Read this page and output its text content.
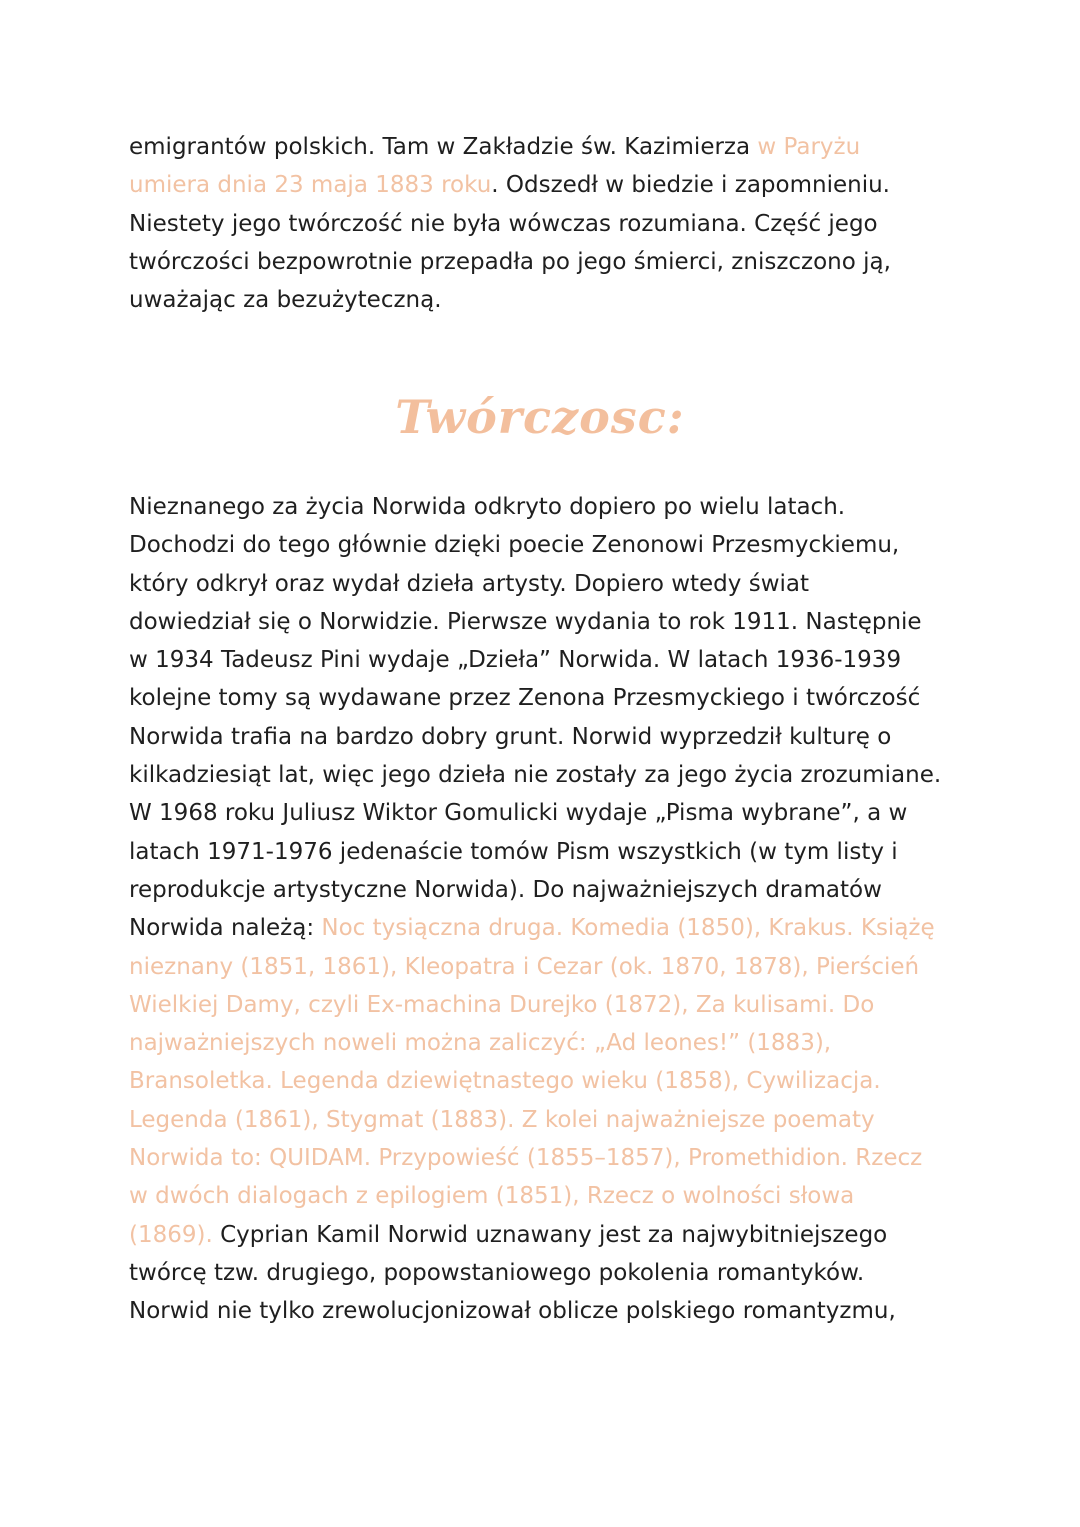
emigrantów polskich. Tam w Zakładzie św. Kazimierza w Paryżu
umiera dnia 23 maja 1883 roku. Odszedł w biedzie i zapomnieniu.
Niestety jego twórczość nie była wówczas rozumiana. Część jego
twórczości bezpowrotnie przepadła po jego śmierci, zniszczono ją,
uważając za bezużyteczną.

Twórczosc:

Nieznanego za życia Norwida odkryto dopiero po wielu latach.
Dochodzi do tego głównie dzięki poecie Zenonowi Przesmyckiemu,
który odkrył oraz wydał dzieła artysty. Dopiero wtedy świat
dowiedział się o Norwidzie. Pierwsze wydania to rok 1911. Następnie
w 1934 Tadeusz Pini wydaje „Dzieła” Norwida. W latach 1936-1939
kolejne tomy są wydawane przez Zenona Przesmyckiego i twórczość
Norwida trafia na bardzo dobry grunt. Norwid wyprzedził kulturę o
kilkadziesiąt lat, więc jego dzieła nie zostały za jego życia zrozumiane.
W 1968 roku Juliusz Wiktor Gomulicki wydaje „Pisma wybrane”, a w
latach 1971-1976 jedenaście tomów Pism wszystkich (w tym listy i
reprodukcje artystyczne Norwida). Do najważniejszych dramatów
Norwida należą: Noc tysiączna druga. Komedia (1850), Krakus. Książę
nieznany (1851, 1861), Kleopatra i Cezar (ok. 1870, 1878), Pierścień
Wielkiej Damy, czyli Ex-machina Durejko (1872), Za kulisami. Do
najważniejszych noweli można zaliczyć: „Ad leones!” (1883),
Bransoletka. Legenda dziewiętnastego wieku (1858), Cywilizacja.
Legenda (1861), Stygmat (1883). Z kolei najważniejsze poematy
Norwida to: QUIDAM. Przypowieść (1855–1857), Promethidion. Rzecz
w dwóch dialogach z epilogiem (1851), Rzecz o wolności słowa
(1869). Cyprian Kamil Norwid uznawany jest za najwybitniejszego
twórcę tzw. drugiego, popowstaniowego pokolenia romantyków.
Norwid nie tylko zrewolucjonizował oblicze polskiego romantyzmu,
